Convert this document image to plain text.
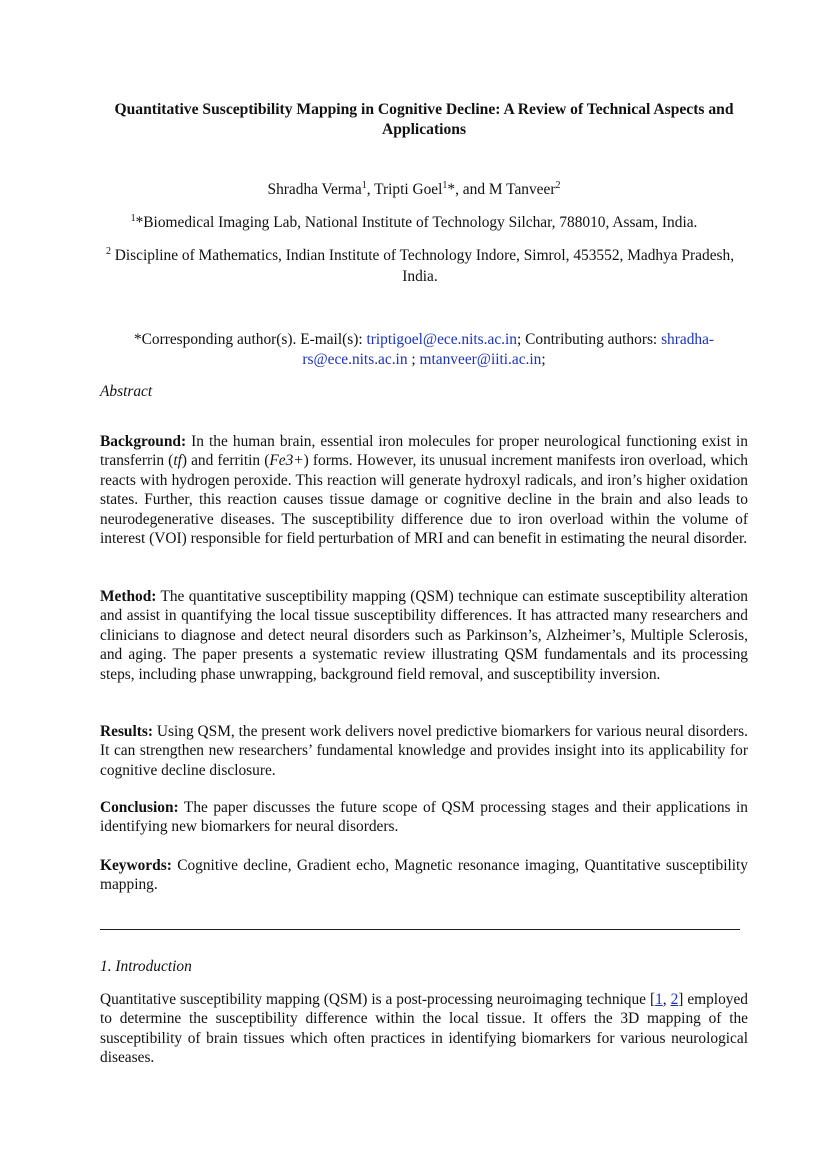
Quantitative Susceptibility Mapping in Cognitive Decline: A Review of Technical Aspects and Applications
Shradha Verma$^1$, Tripti Goel$^1$*, and M Tanveer$^2$
$^1$*Biomedical Imaging Lab, National Institute of Technology Silchar, 788010, Assam, India.
$^2$ Discipline of Mathematics, Indian Institute of Technology Indore, Simrol, 453552, Madhya Pradesh, India.
*Corresponding author(s). E-mail(s): triptigoel@ece.nits.ac.in; Contributing authors: shradha-rs@ece.nits.ac.in ; mtanveer@iiti.ac.in;
Abstract
Background: In the human brain, essential iron molecules for proper neurological functioning exist in transferrin (tf) and ferritin (Fe3+) forms. However, its unusual increment manifests iron overload, which reacts with hydrogen peroxide. This reaction will generate hydroxyl radicals, and iron’s higher oxidation states. Further, this reaction causes tissue damage or cognitive decline in the brain and also leads to neurodegenerative diseases. The susceptibility difference due to iron overload within the volume of interest (VOI) responsible for field perturbation of MRI and can benefit in estimating the neural disorder.
Method: The quantitative susceptibility mapping (QSM) technique can estimate susceptibility alteration and assist in quantifying the local tissue susceptibility differences. It has attracted many researchers and clinicians to diagnose and detect neural disorders such as Parkinson’s, Alzheimer’s, Multiple Sclerosis, and aging. The paper presents a systematic review illustrating QSM fundamentals and its processing steps, including phase unwrapping, background field removal, and susceptibility inversion.
Results: Using QSM, the present work delivers novel predictive biomarkers for various neural disorders. It can strengthen new researchers’ fundamental knowledge and provides insight into its applicability for cognitive decline disclosure.
Conclusion: The paper discusses the future scope of QSM processing stages and their applications in identifying new biomarkers for neural disorders.
Keywords: Cognitive decline, Gradient echo, Magnetic resonance imaging, Quantitative susceptibility mapping.
1. Introduction
Quantitative susceptibility mapping (QSM) is a post-processing neuroimaging technique [1, 2] employed to determine the susceptibility difference within the local tissue. It offers the 3D mapping of the susceptibility of brain tissues which often practices in identifying biomarkers for various neurological diseases.
